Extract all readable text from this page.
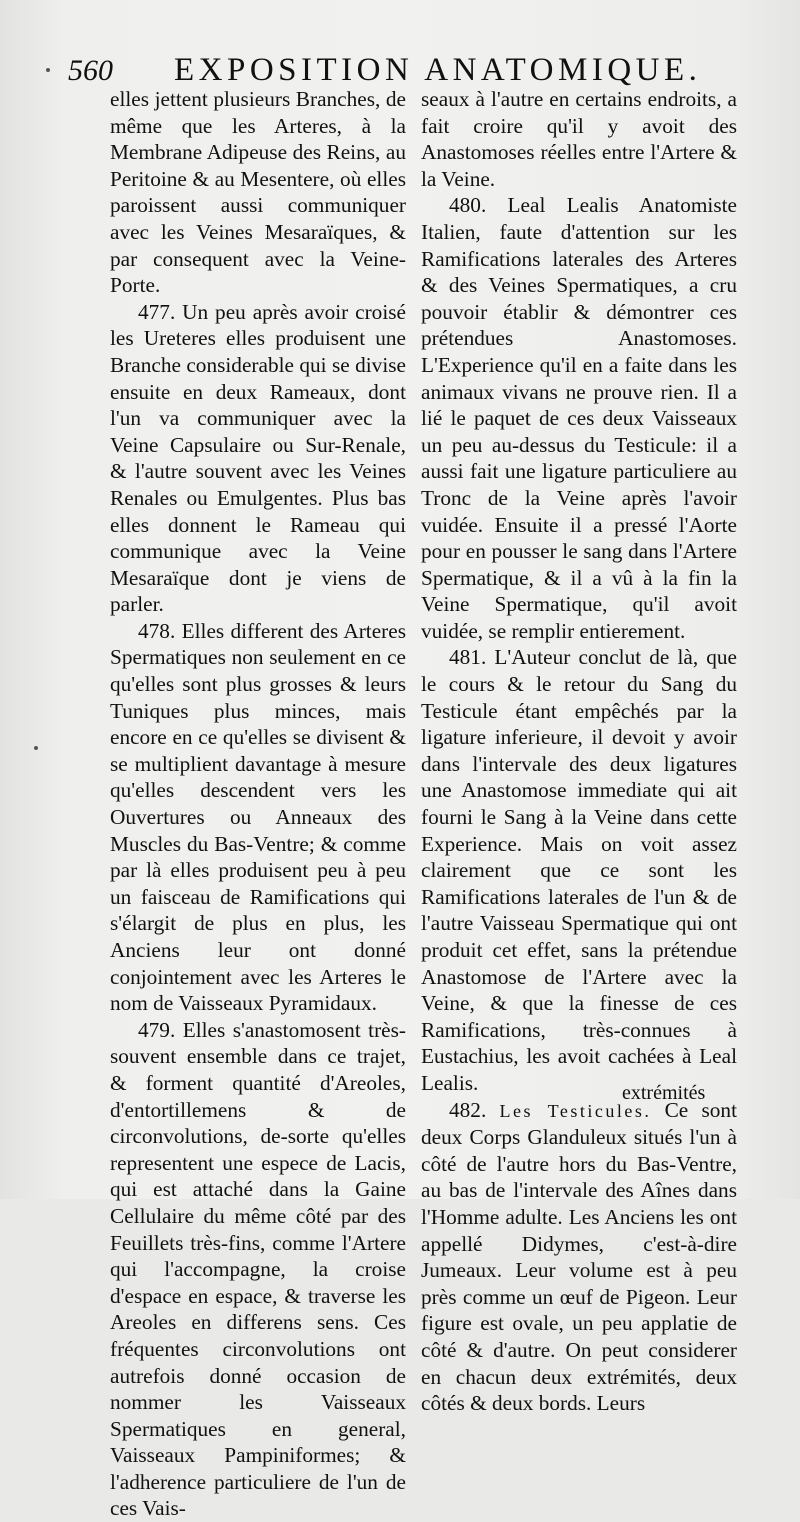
560 EXPOSITION ANATOMIQUE.

elles jettent plusieurs Branches, de même que les Arteres, à la Membrane Adipeuse des Reins, au Peritoine & au Mesentere, où elles paroissent aussi communiquer avec les Veines Mesaraïques, & par consequent avec la Veine-Porte.

477. Un peu après avoir croisé les Ureteres elles produisent une Branche considerable qui se divise ensuite en deux Rameaux, dont l'un va communiquer avec la Veine Capsulaire ou Sur-Renale, & l'autre souvent avec les Veines Renales ou Emulgentes. Plus bas elles donnent le Rameau qui communique avec la Veine Mesaraïque dont je viens de parler.

478. Elles different des Arteres Spermatiques non seulement en ce qu'elles sont plus grosses & leurs Tuniques plus minces, mais encore en ce qu'elles se divisent & se multiplient davantage à mesure qu'elles descendent vers les Ouvertures ou Anneaux des Muscles du Bas-Ventre; & comme par là elles produisent peu à peu un faisceau de Ramifications qui s'élargit de plus en plus, les Anciens leur ont donné conjointement avec les Arteres le nom de Vaisseaux Pyramidaux.

479. Elles s'anastomosent très-souvent ensemble dans ce trajet, & forment quantité d'Areoles, d'entortillemens & de circonvolutions, de-sorte qu'elles representent une espece de Lacis, qui est attaché dans la Gaine Cellulaire du même côté par des Feuillets très-fins, comme l'Artere qui l'accompagne, la croise d'espace en espace, & traverse les Areoles en differens sens. Ces fréquentes circonvolutions ont autrefois donné occasion de nommer les Vaisseaux Spermatiques en general, Vaisseaux Pampiniformes; & l'adherence particuliere de l'un de ces Vais-

seaux à l'autre en certains endroits, a fait croire qu'il y avoit des Anastomoses réelles entre l'Artere & la Veine.

480. Leal Lealis Anatomiste Italien, faute d'attention sur les Ramifications laterales des Arteres & des Veines Spermatiques, a cru pouvoir établir & démontrer ces prétendues Anastomoses. L'Experience qu'il en a faite dans les animaux vivans ne prouve rien. Il a lié le paquet de ces deux Vaisseaux un peu au-dessus du Testicule: il a aussi fait une ligature particuliere au Tronc de la Veine après l'avoir vuidée. Ensuite il a pressé l'Aorte pour en pousser le sang dans l'Artere Spermatique, & il a vû à la fin la Veine Spermatique, qu'il avoit vuidée, se remplir entierement.

481. L'Auteur conclut de là, que le cours & le retour du Sang du Testicule étant empêchés par la ligature inferieure, il devoit y avoir dans l'intervale des deux ligatures une Anastomose immediate qui ait fourni le Sang à la Veine dans cette Experience. Mais on voit assez clairement que ce sont les Ramifications laterales de l'un & de l'autre Vaisseau Spermatique qui ont produit cet effet, sans la prétendue Anastomose de l'Artere avec la Veine, & que la finesse de ces Ramifications, très-connues à Eustachius, les avoit cachées à Leal Lealis.

482. Les Testicules. Ce sont deux Corps Glanduleux situés l'un à côté de l'autre hors du Bas-Ventre, au bas de l'intervale des Aînes dans l'Homme adulte. Les Anciens les ont appellé Didymes, c'est-à-dire Jumeaux. Leur volume est à peu près comme un œuf de Pigeon. Leur figure est ovale, un peu applatie de côté & d'autre. On peut considerer en chacun deux extrémités, deux côtés & deux bords. Leurs

extrémités
